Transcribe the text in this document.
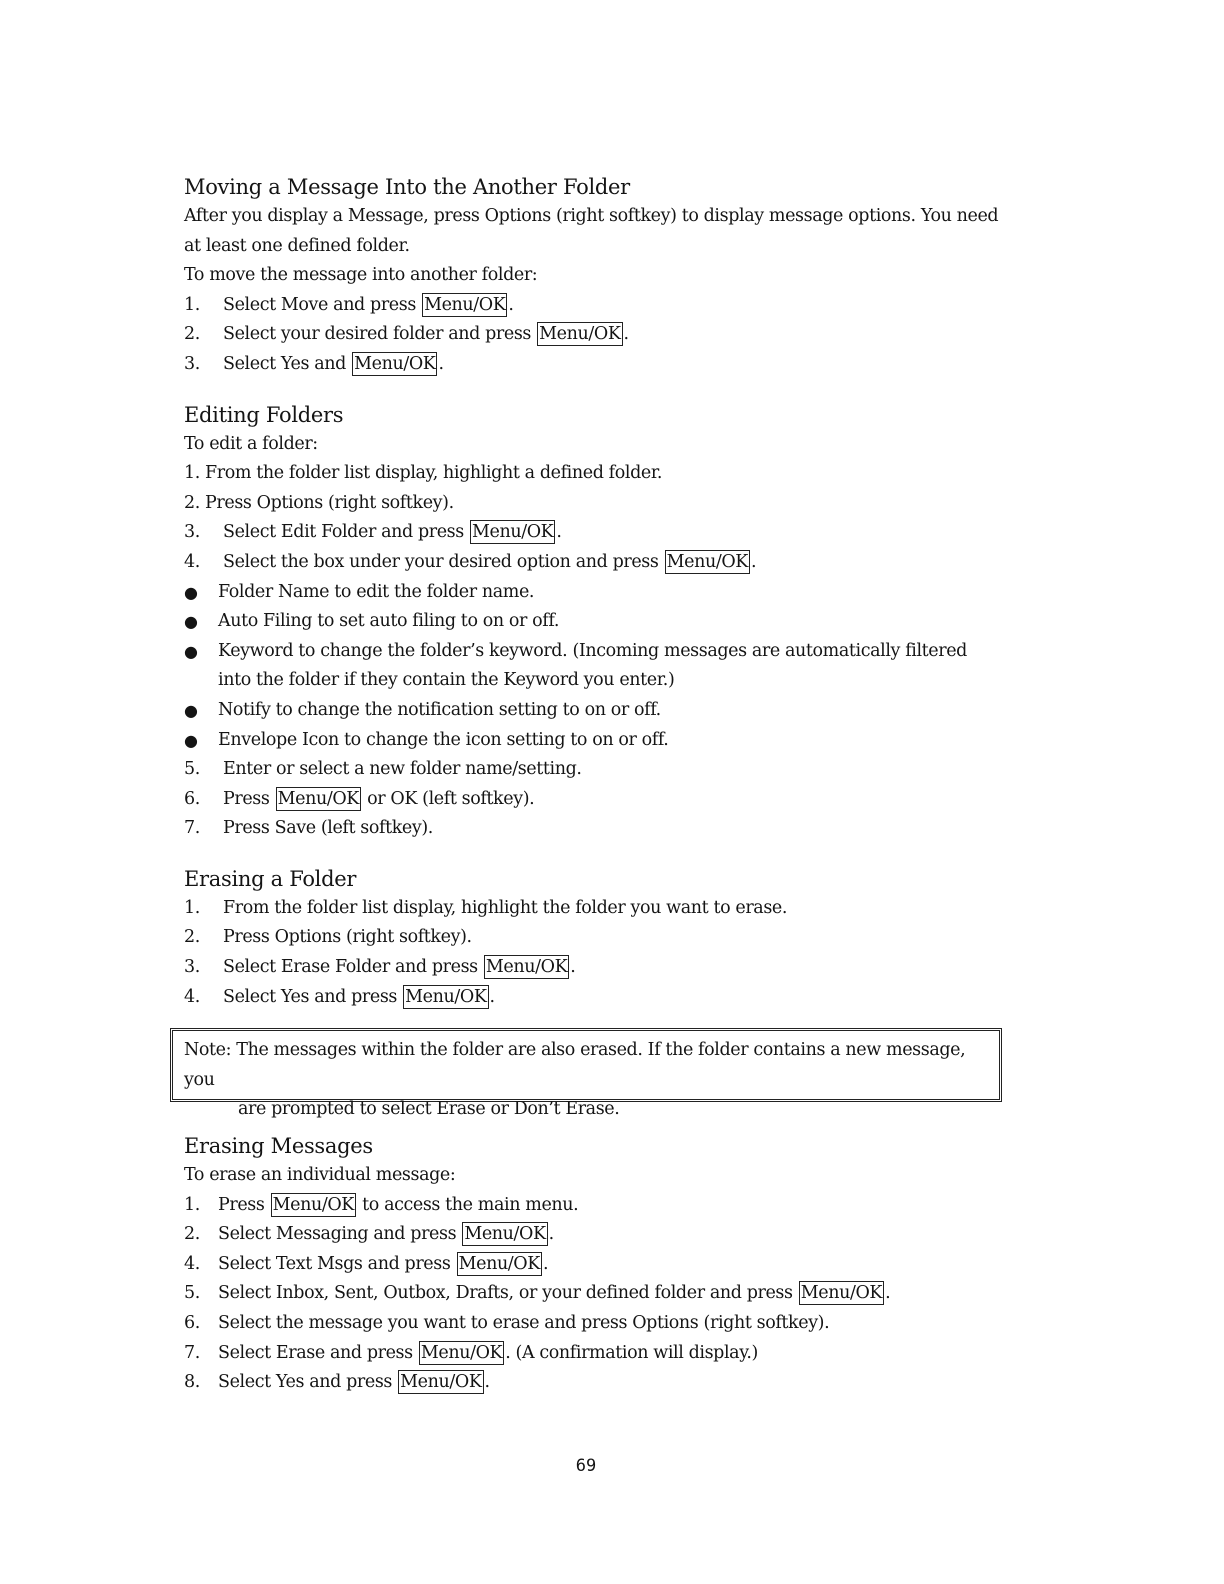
Moving a Message Into the Another Folder

After you display a Message, press Options (right softkey) to display message options. You need at least one defined folder.

To move the message into another folder:

1.	Select Move and press Menu/OK .
2.	Select your desired folder and press Menu/OK .
3.	Select Yes and Menu/OK .
Editing Folders

To edit a folder:

1. From the folder list display, highlight a defined folder.

2. Press Options (right softkey).

3.	Select Edit Folder and press Menu/OK .
4.	Select the box under your desired option and press Menu/OK .
●	Folder Name to edit the folder name.
●	Auto Filing to set auto filing to on or off.
●	Keyword to change the folder’s keyword. (Incoming messages are automatically filtered into the folder if they contain the Keyword you enter.)
●	Notify to change the notification setting to on or off.
●	Envelope Icon to change the icon setting to on or off.
5.	Enter or select a new folder name/setting.
6.	Press Menu/OK or OK (left softkey).
7.	Press Save (left softkey).
Erasing a Folder
1.	From the folder list display, highlight the folder you want to erase.
2.	Press Options (right softkey).
3.	Select Erase Folder and press Menu/OK .
4.	Select Yes and press Menu/OK .
Note: The messages within the folder are also erased. If the folder contains a new message, you
are prompted to select Erase or Don’t Erase.
Erasing Messages

To erase an individual message:

1.	Press Menu/OK to access the main menu.
2.	Select Messaging and press Menu/OK .
4.	Select Text Msgs and press Menu/OK .
5.	Select Inbox, Sent, Outbox, Drafts, or your defined folder and press Menu/OK .
6.	Select the message you want to erase and press Options (right softkey).
7.	Select Erase and press Menu/OK . (A confirmation will display.)
8.	Select Yes and press Menu/OK .
69
